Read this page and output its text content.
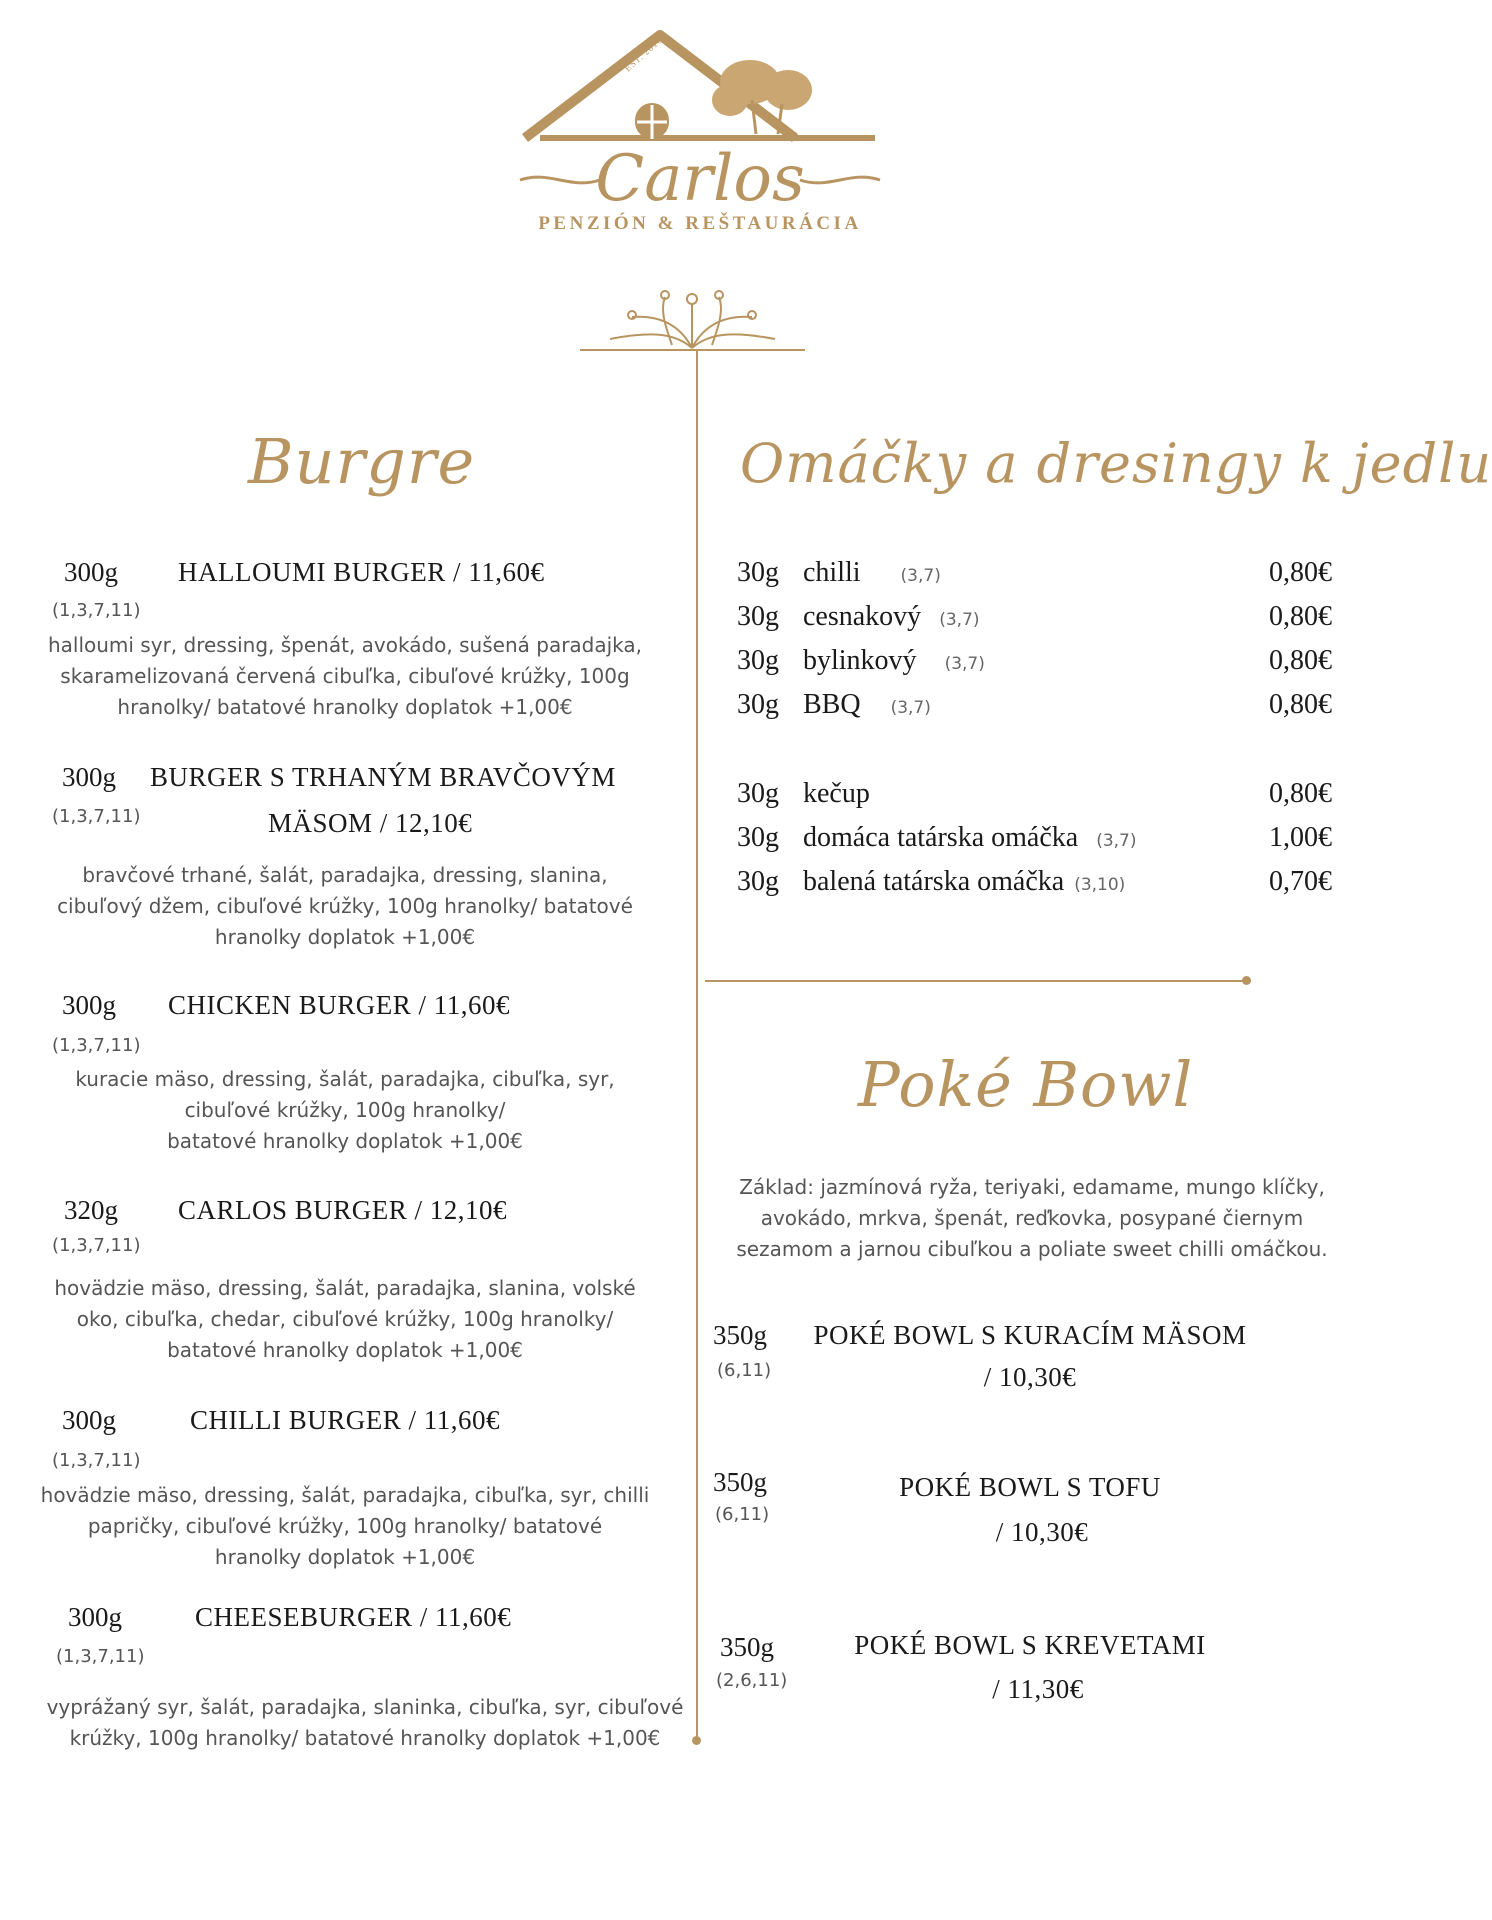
EST. 2016
Carlos
PENZIÓN & REŠTAURÁCIA
Burgre
300g HALLOUMI BURGER / 11,60€
(1,3,7,11)
halloumi syr, dressing, špenát, avokádo, sušená paradajka,
skaramelizovaná červená cibuľka, cibuľové krúžky, 100g
hranolky/ batatové hranolky doplatok +1,00€
300g BURGER S TRHANÝM BRAVČOVÝM
MÄSOM / 12,10€
(1,3,7,11)
bravčové trhané, šalát, paradajka, dressing, slanina,
cibuľový džem, cibuľové krúžky, 100g hranolky/ batatové
hranolky doplatok +1,00€
300g CHICKEN BURGER / 11,60€
(1,3,7,11)
kuracie mäso, dressing, šalát, paradajka, cibuľka, syr,
cibuľové krúžky, 100g hranolky/
batatové hranolky doplatok +1,00€
320g CARLOS BURGER / 12,10€
(1,3,7,11)
hovädzie mäso, dressing, šalát, paradajka, slanina, volské
oko, cibuľka, chedar, cibuľové krúžky, 100g hranolky/
batatové hranolky doplatok +1,00€
300g	CHILLI BURGER / 11,60€
(1,3,7,11)
hovädzie mäso, dressing, šalát, paradajka, cibuľka, syr, chilli
papričky, cibuľové krúžky, 100g hranolky/ batatové
hranolky doplatok +1,00€
300g	CHEESEBURGER / 11,60€
(1,3,7,11)
vyprážaný syr, šalát, paradajka, slaninka, cibuľka, syr, cibuľové
krúžky, 100g hranolky/ batatové hranolky doplatok +1,00€
Omáčky a dresingy k jedlu
30g chilli (3,7)	0,80€
30g cesnakový (3,7)	0,80€
30g bylinkový (3,7)	0,80€
30g BBQ (3,7)	0,80€
30g kečup	0,80€
30g domáca tatárska omáčka (3,7)	1,00€
30g balená tatárska omáčka (3,10)	0,70€
Poké Bowl
Základ: jazmínová ryža, teriyaki, edamame, mungo klíčky,
avokádo, mrkva, špenát, reďkovka, posypané čiernym
sezamom a jarnou cibuľkou a poliate sweet chilli omáčkou.
350g
(6,11)
POKÉ BOWL S KURACÍM MÄSOM
/ 10,30€
350g
(6,11)
POKÉ BOWL S TOFU
/ 10,30€
350g
(2,6,11)
POKÉ BOWL S KREVETAMI
/ 11,30€
